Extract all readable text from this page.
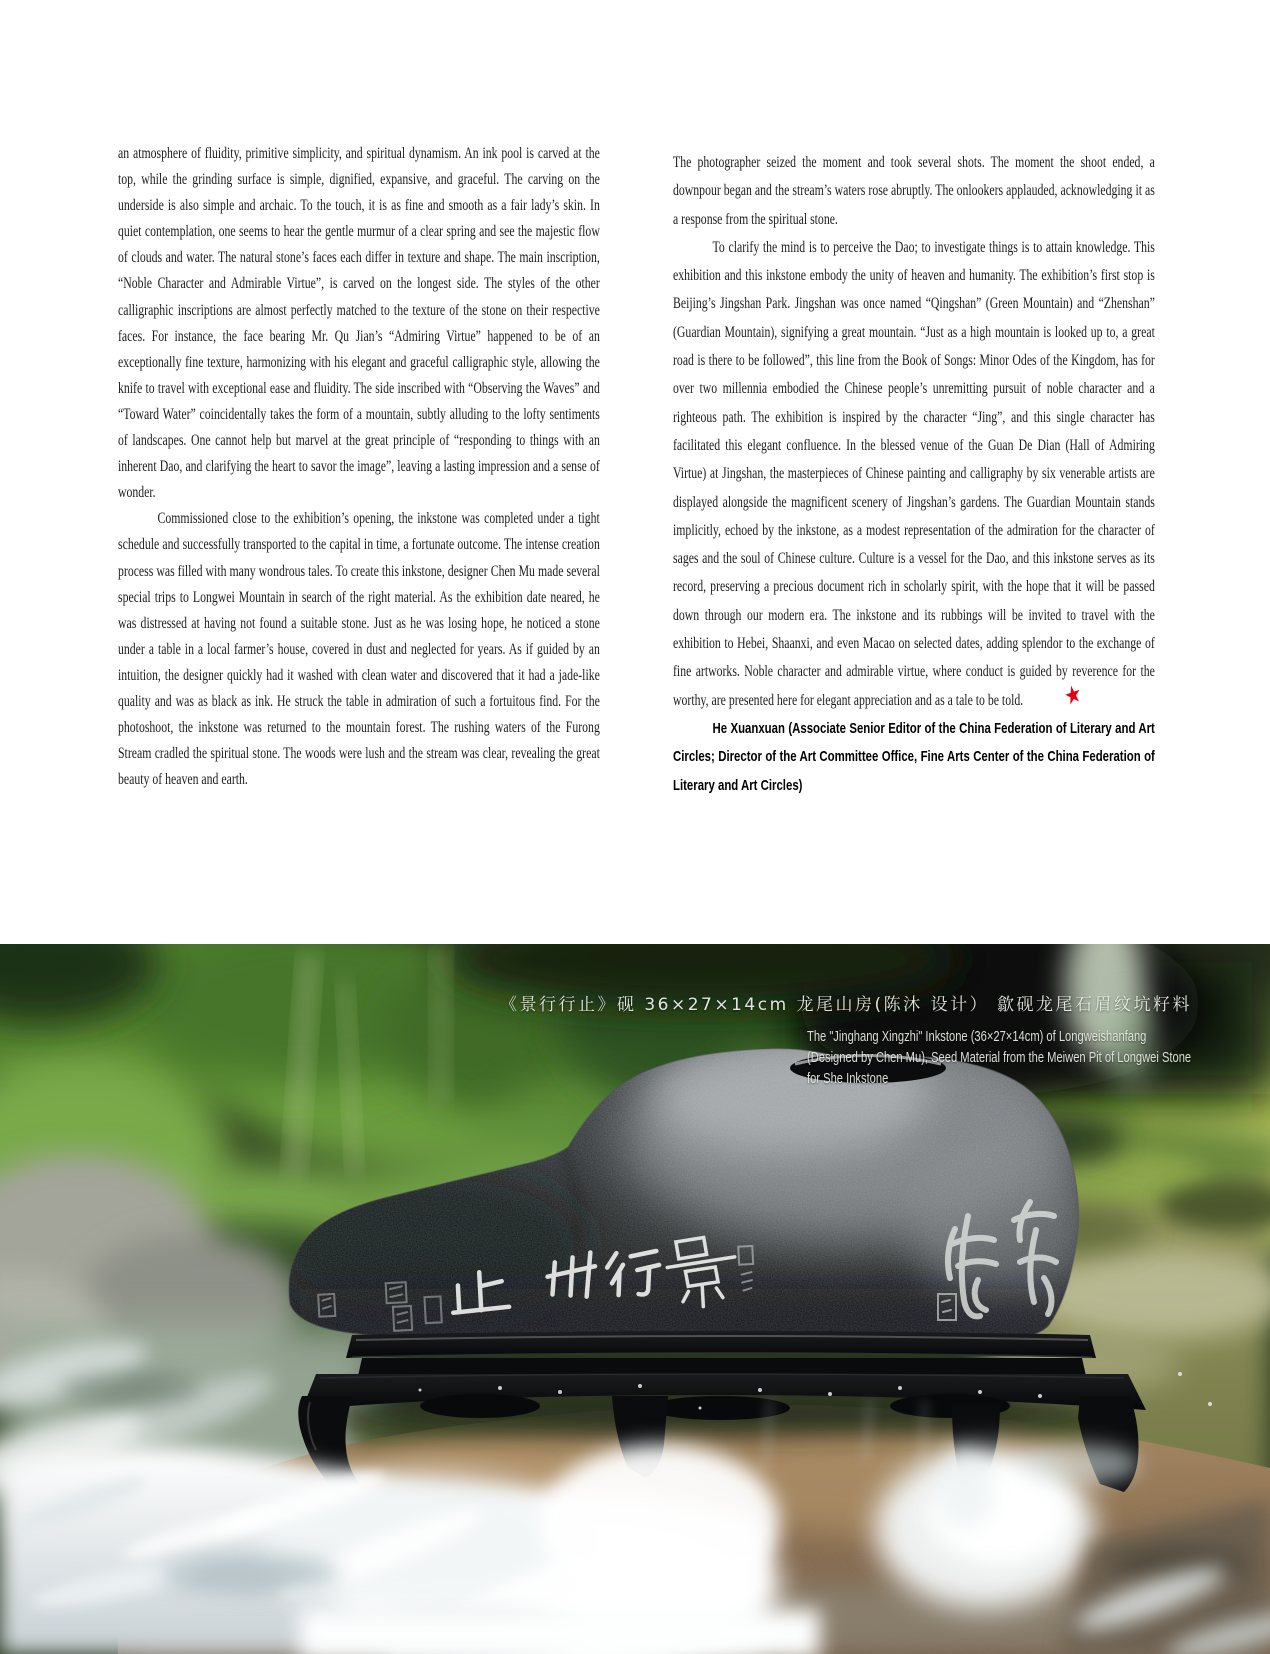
an atmosphere of fluidity, primitive simplicity, and spiritual dynamism. An ink pool is carved at the top, while the grinding surface is simple, dignified, expansive, and graceful. The carving on the underside is also simple and archaic. To the touch, it is as fine and smooth as a fair lady’s skin. In quiet contemplation, one seems to hear the gentle murmur of a clear spring and see the majestic flow of clouds and water. The natural stone’s faces each differ in texture and shape. The main inscription, “Noble Character and Admirable Virtue”, is carved on the longest side. The styles of the other calligraphic inscriptions are almost perfectly matched to the texture of the stone on their respective faces. For instance, the face bearing Mr. Qu Jian’s “Admiring Virtue” happened to be of an exceptionally fine texture, harmonizing with his elegant and graceful calligraphic style, allowing the knife to travel with exceptional ease and fluidity. The side inscribed with “Observing the Waves” and “Toward Water” coincidentally takes the form of a mountain, subtly alluding to the lofty sentiments of landscapes. One cannot help but marvel at the great principle of “responding to things with an inherent Dao, and clarifying the heart to savor the image”, leaving a lasting impression and a sense of wonder.

Commissioned close to the exhibition’s opening, the inkstone was completed under a tight schedule and successfully transported to the capital in time, a fortunate outcome. The intense creation process was filled with many wondrous tales. To create this inkstone, designer Chen Mu made several special trips to Longwei Mountain in search of the right material. As the exhibition date neared, he was distressed at having not found a suitable stone. Just as he was losing hope, he noticed a stone under a table in a local farmer’s house, covered in dust and neglected for years. As if guided by an intuition, the designer quickly had it washed with clean water and discovered that it had a jade-like quality and was as black as ink. He struck the table in admiration of such a fortuitous find. For the photoshoot, the inkstone was returned to the mountain forest. The rushing waters of the Furong Stream cradled the spiritual stone. The woods were lush and the stream was clear, revealing the great beauty of heaven and earth.

The photographer seized the moment and took several shots. The moment the shoot ended, a downpour began and the stream’s waters rose abruptly. The onlookers applauded, acknowledging it as a response from the spiritual stone.

To clarify the mind is to perceive the Dao; to investigate things is to attain knowledge. This exhibition and this inkstone embody the unity of heaven and humanity. The exhibition’s first stop is Beijing’s Jingshan Park. Jingshan was once named “Qingshan” (Green Mountain) and “Zhenshan” (Guardian Mountain), signifying a great mountain. “Just as a high mountain is looked up to, a great road is there to be followed”, this line from the Book of Songs: Minor Odes of the Kingdom, has for over two millennia embodied the Chinese people’s unremitting pursuit of noble character and a righteous path. The exhibition is inspired by the character “Jing”, and this single character has facilitated this elegant confluence. In the blessed venue of the Guan De Dian (Hall of Admiring Virtue) at Jingshan, the masterpieces of Chinese painting and calligraphy by six venerable artists are displayed alongside the magnificent scenery of Jingshan’s gardens. The Guardian Mountain stands implicitly, echoed by the inkstone, as a modest representation of the admiration for the character of sages and the soul of Chinese culture. Culture is a vessel for the Dao, and this inkstone serves as its record, preserving a precious document rich in scholarly spirit, with the hope that it will be passed down through our modern era. The inkstone and its rubbings will be invited to travel with the exhibition to Hebei, Shaanxi, and even Macao on selected dates, adding splendor to the exchange of fine artworks. Noble character and admirable virtue, where conduct is guided by reverence for the worthy, are presented here for elegant appreciation and as a tale to be told. ★

He Xuanxuan (Associate Senior Editor of the China Federation of Literary and Art Circles; Director of the Art Committee Office, Fine Arts Center of the China Federation of Literary and Art Circles)

《景行行止》砚 36×27×14cm 龙尾山房(陈沐 设计） 歙砚龙尾石眉纹坑籽料
The "Jinghang Xingzhi" Inkstone (36×27×14cm) of Longweishanfang (Designed by Chen Mu), Seed Material from the Meiwen Pit of Longwei Stone for She Inkstone
